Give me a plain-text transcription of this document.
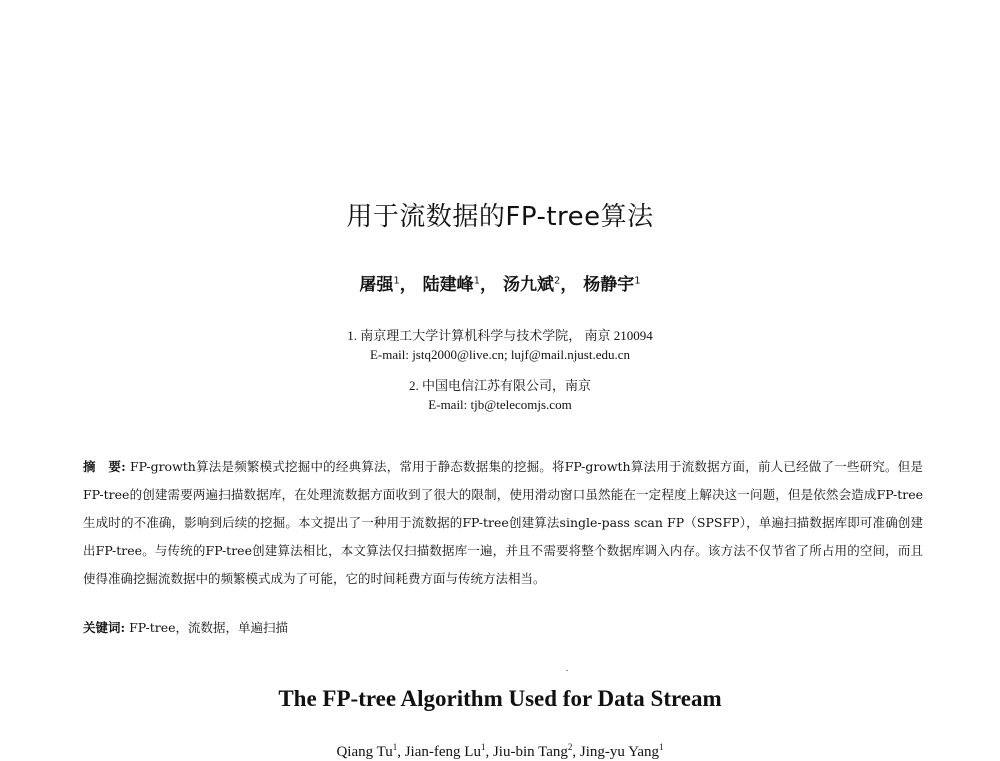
用于流数据的FP-tree算法
屠强$^1$， 陆建峰$^1$， 汤九斌$^2$， 杨静宇$^1$
1. 南京理工大学计算机科学与技术学院， 南京 210094
E-mail: jstq2000@live.cn; lujf@mail.njust.edu.cn
2. 中国电信江苏有限公司，南京
E-mail: tjb@telecomjs.com
摘　要: FP-growth算法是频繁模式挖掘中的经典算法，常用于静态数据集的挖掘。将FP-growth算法用于流数据方面，前人已经做了一些研究。但是FP-tree的创建需要两遍扫描数据库，在处理流数据方面收到了很大的限制，使用滑动窗口虽然能在一定程度上解决这一问题，但是依然会造成FP-tree生成时的不准确，影响到后续的挖掘。本文提出了一种用于流数据的FP-tree创建算法single-pass scan FP（SPSFP），单遍扫描数据库即可准确创建出FP-tree。与传统的FP-tree创建算法相比，本文算法仅扫描数据库一遍，并且不需要将整个数据库调入内存。该方法不仅节省了所占用的空间，而且使得准确挖掘流数据中的频繁模式成为了可能，它的时间耗费方面与传统方法相当。
关键词: FP-tree，流数据，单遍扫描
The FP-tree Algorithm Used for Data Stream
Qiang Tu$^1$, Jian-feng Lu$^1$, Jiu-bin Tang$^2$, Jing-yu Yang$^1$
